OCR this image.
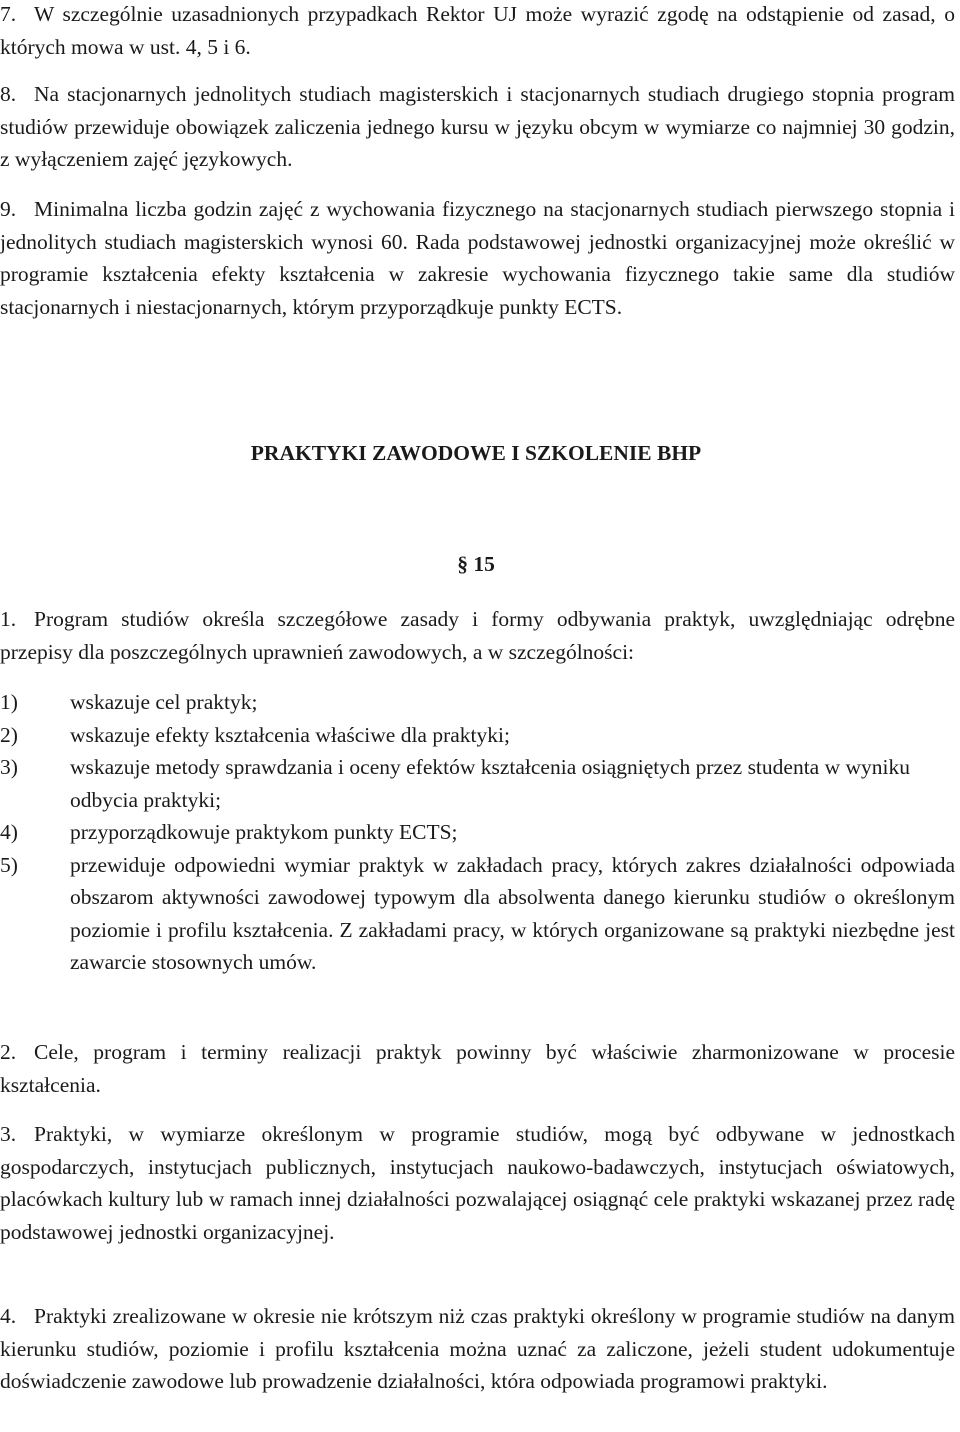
7. W szczególnie uzasadnionych przypadkach Rektor UJ może wyrazić zgodę na odstąpienie od zasad, o których mowa w ust. 4, 5 i 6.

8. Na stacjonarnych jednolitych studiach magisterskich i stacjonarnych studiach drugiego stopnia program studiów przewiduje obowiązek zaliczenia jednego kursu w języku obcym w wymiarze co najmniej 30 godzin, z wyłączeniem zajęć językowych.

9. Minimalna liczba godzin zajęć z wychowania fizycznego na stacjonarnych studiach pierwszego stopnia i jednolitych studiach magisterskich wynosi 60. Rada podstawowej jednostki organizacyjnej może określić w programie kształcenia efekty kształcenia w zakresie wychowania fizycznego takie same dla studiów stacjonarnych i niestacjonarnych, którym przyporządkuje punkty ECTS.

PRAKTYKI ZAWODOWE I SZKOLENIE BHP
§ 15

1. Program studiów określa szczegółowe zasady i formy odbywania praktyk, uwzględniając odrębne przepisy dla poszczególnych uprawnień zawodowych, a w szczególności:

1) wskazuje cel praktyk;
2) wskazuje efekty kształcenia właściwe dla praktyki;
3) wskazuje metody sprawdzania i oceny efektów kształcenia osiągniętych przez studenta w wyniku odbycia praktyki;
4) przyporządkowuje praktykom punkty ECTS;
5) przewiduje odpowiedni wymiar praktyk w zakładach pracy, których zakres działalności odpowiada obszarom aktywności zawodowej typowym dla absolwenta danego kierunku studiów o określonym poziomie i profilu kształcenia. Z zakładami pracy, w których organizowane są praktyki niezbędne jest zawarcie stosownych umów.

2. Cele, program i terminy realizacji praktyk powinny być właściwie zharmonizowane w procesie kształcenia.

3. Praktyki, w wymiarze określonym w programie studiów, mogą być odbywane w jednostkach gospodarczych, instytucjach publicznych, instytucjach naukowo-badawczych, instytucjach oświatowych, placówkach kultury lub w ramach innej działalności pozwalającej osiągnąć cele praktyki wskazanej przez radę podstawowej jednostki organizacyjnej.

4. Praktyki zrealizowane w okresie nie krótszym niż czas praktyki określony w programie studiów na danym kierunku studiów, poziomie i profilu kształcenia można uznać za zaliczone, jeżeli student udokumentuje doświadczenie zawodowe lub prowadzenie działalności, która odpowiada programowi praktyki.
